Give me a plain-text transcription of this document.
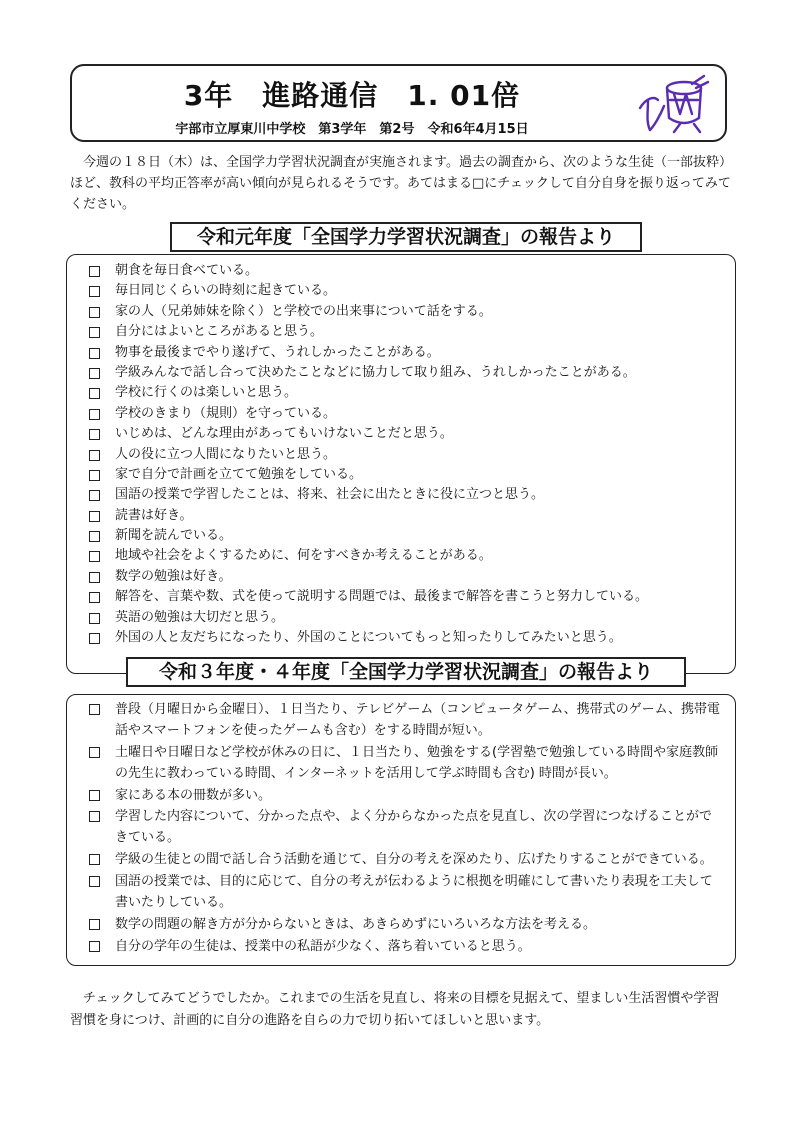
3年　進路通信　1. 01倍
宇部市立厚東川中学校　第3学年　第2号　令和6年4月15日

今週の１８日（木）は、全国学力学習状況調査が実施されます。過去の調査から、次のような生徒（一部抜粋）ほど、教科の平均正答率が高い傾向が見られるそうです。あてはまる□にチェックして自分自身を振り返ってみてください。

令和元年度「全国学力学習状況調査」の報告より
朝食を毎日食べている。
毎日同じくらいの時刻に起きている。
家の人（兄弟姉妹を除く）と学校での出来事について話をする。
自分にはよいところがあると思う。
物事を最後までやり遂げて、うれしかったことがある。
学級みんなで話し合って決めたことなどに協力して取り組み、うれしかったことがある。
学校に行くのは楽しいと思う。
学校のきまり（規則）を守っている。
いじめは、どんな理由があってもいけないことだと思う。
人の役に立つ人間になりたいと思う。
家で自分で計画を立てて勉強をしている。
国語の授業で学習したことは、将来、社会に出たときに役に立つと思う。
読書は好き。
新聞を読んでいる。
地域や社会をよくするために、何をすべきか考えることがある。
数学の勉強は好き。
解答を、言葉や数、式を使って説明する問題では、最後まで解答を書こうと努力している。
英語の勉強は大切だと思う。
外国の人と友だちになったり、外国のことについてもっと知ったりしてみたいと思う。
令和３年度・４年度「全国学力学習状況調査」の報告より
普段（月曜日から金曜日）、１日当たり、テレビゲーム（コンピュータゲーム、携帯式のゲーム、携帯電話やスマートフォンを使ったゲームも含む）をする時間が短い。
土曜日や日曜日など学校が休みの日に、１日当たり、勉強をする(学習塾で勉強している時間や家庭教師の先生に教わっている時間、インターネットを活用して学ぶ時間も含む) 時間が長い。
家にある本の冊数が多い。
学習した内容について、分かった点や、よく分からなかった点を見直し、次の学習につなげることができている。
学級の生徒との間で話し合う活動を通じて、自分の考えを深めたり、広げたりすることができている。
国語の授業では、目的に応じて、自分の考えが伝わるように根拠を明確にして書いたり表現を工夫して書いたりしている。
数学の問題の解き方が分からないときは、あきらめずにいろいろな方法を考える。
自分の学年の生徒は、授業中の私語が少なく、落ち着いていると思う。

チェックしてみてどうでしたか。これまでの生活を見直し、将来の目標を見据えて、望ましい生活習慣や学習習慣を身につけ、計画的に自分の進路を自らの力で切り拓いてほしいと思います。
